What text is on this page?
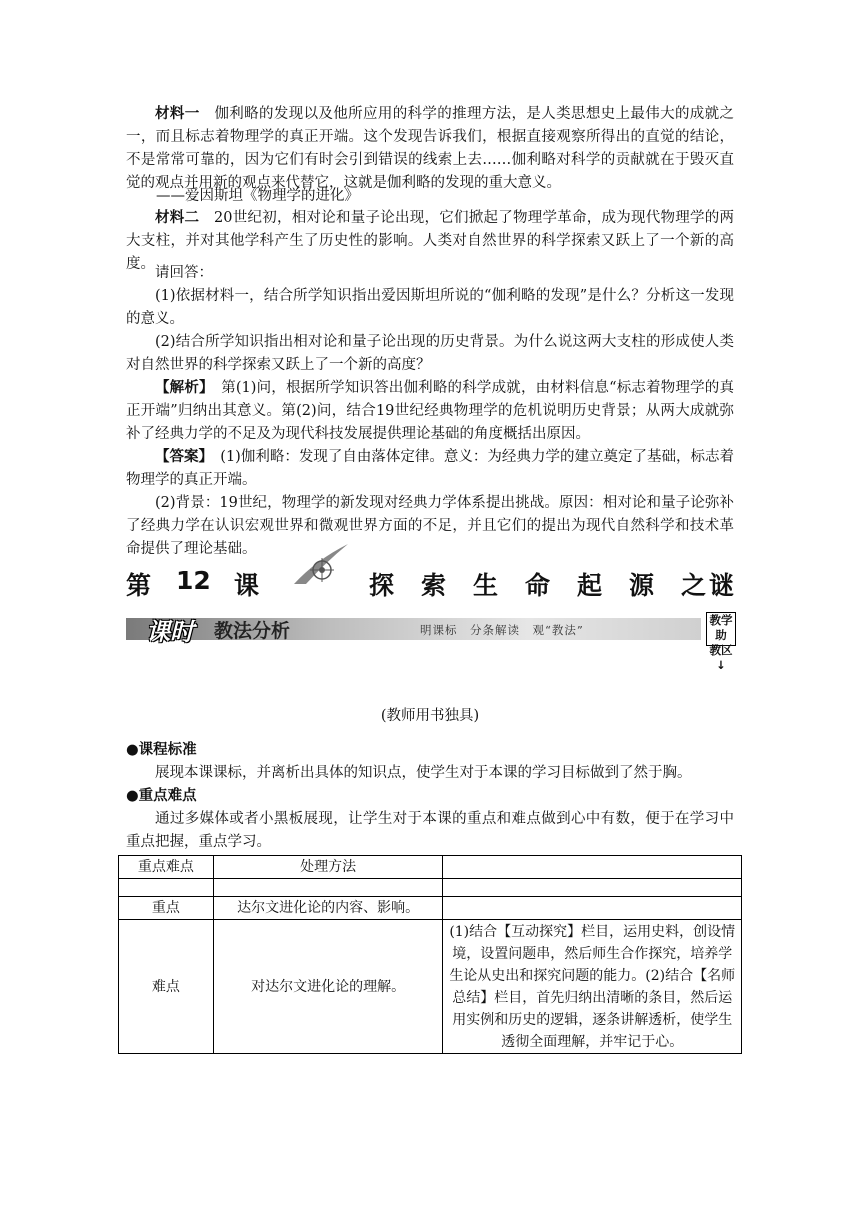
材料一　 伽利略的发现以及他所应用的科学的推理方法，是人类思想史上最伟大的成就之一，而且标志着物理学的真正开端。这个发现告诉我们，根据直接观察所得出的直觉的结论，不是常常可靠的，因为它们有时会引到错误的线索上去……伽利略对科学的贡献就在于毁灭直觉的观点并用新的观点来代替它，这就是伽利略的发现的重大意义。
——爱因斯坦《物理学的进化》
材料二　 20世纪初，相对论和量子论出现，它们掀起了物理学革命，成为现代物理学的两大支柱，并对其他学科产生了历史性的影响。人类对自然世界的科学探索又跃上了一个新的高度。
请回答：
(1)依据材料一，结合所学知识指出爱因斯坦所说的“伽利略的发现”是什么？分析这一发现的意义。
(2)结合所学知识指出相对论和量子论出现的历史背景。为什么说这两大支柱的形成使人类对自然世界的科学探索又跃上了一个新的高度？
【解析】　 第(1)问，根据所学知识答出伽利略的科学成就，由材料信息“标志着物理学的真正开端”归纳出其意义。第(2)问，结合19世纪经典物理学的危机说明历史背景；从两大成就弥补了经典力学的不足及为现代科技发展提供理论基础的角度概括出原因。
【答案】　 (1)伽利略：发现了自由落体定律。意义：为经典力学的建立奠定了基础，标志着物理学的真正开端。
(2)背景：19世纪，物理学的新发现对经典力学体系提出挑战。原因：相对论和量子论弥补了经典力学在认识宏观世界和微观世界方面的不足，并且它们的提出为现代自然科学和技术革命提供了理论基础。
第 12 课	探 索 生 命 起 源 之 谜
课时 教法分析	明课标　分条解读　观“教法”
教学助
教区↓
(教师用书独具)
●课程标准
展现本课课标，并离析出具体的知识点，使学生对于本课的学习目标做到了然于胸。
●重点难点
通过多媒体或者小黑板展现，让学生对于本课的重点和难点做到心中有数，便于在学习中重点把握，重点学习。
重点难点	处理方法	

重点	达尔文进化论的内容、影响。	
难点	对达尔文进化论的理解。	(1)结合【互动探究】栏目，运用史料，创设情境，设置问题串，然后师生合作探究，培养学生论从史出和探究问题的能力。(2)结合【名师总结】栏目，首先归纳出清晰的条目，然后运用实例和历史的逻辑，逐条讲解透析，使学生透彻全面理解，并牢记于心。
